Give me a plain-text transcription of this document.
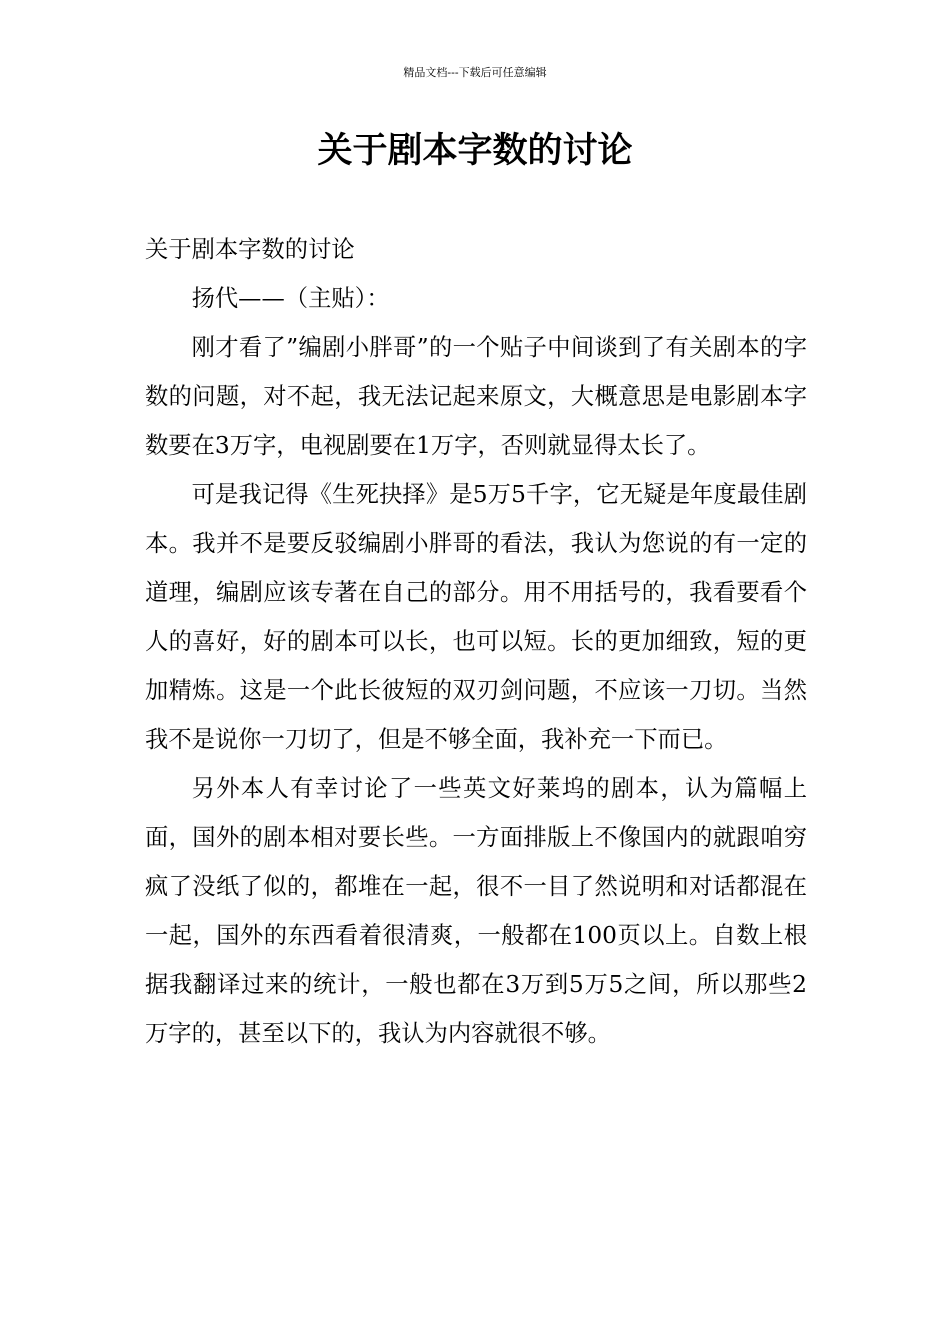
精品文档---下载后可任意编辑
关于剧本字数的讨论

关于剧本字数的讨论

扬代——（主贴）：

刚才看了”编剧小胖哥”的一个贴子中间谈到了有关剧本的字数的问题，对不起，我无法记起来原文，大概意思是电影剧本字数要在3万字，电视剧要在1万字，否则就显得太长了。

可是我记得《生死抉择》是5万5千字，它无疑是年度最佳剧本。我并不是要反驳编剧小胖哥的看法，我认为您说的有一定的道理，编剧应该专著在自己的部分。用不用括号的，我看要看个人的喜好，好的剧本可以长，也可以短。长的更加细致，短的更加精炼。这是一个此长彼短的双刃剑问题，不应该一刀切。当然我不是说你一刀切了，但是不够全面，我补充一下而已。

另外本人有幸讨论了一些英文好莱坞的剧本，认为篇幅上面，国外的剧本相对要长些。一方面排版上不像国内的就跟咱穷疯了没纸了似的，都堆在一起，很不一目了然说明和对话都混在一起，国外的东西看着很清爽，一般都在100页以上。自数上根据我翻译过来的统计，一般也都在3万到5万5之间，所以那些2万字的，甚至以下的，我认为内容就很不够。
